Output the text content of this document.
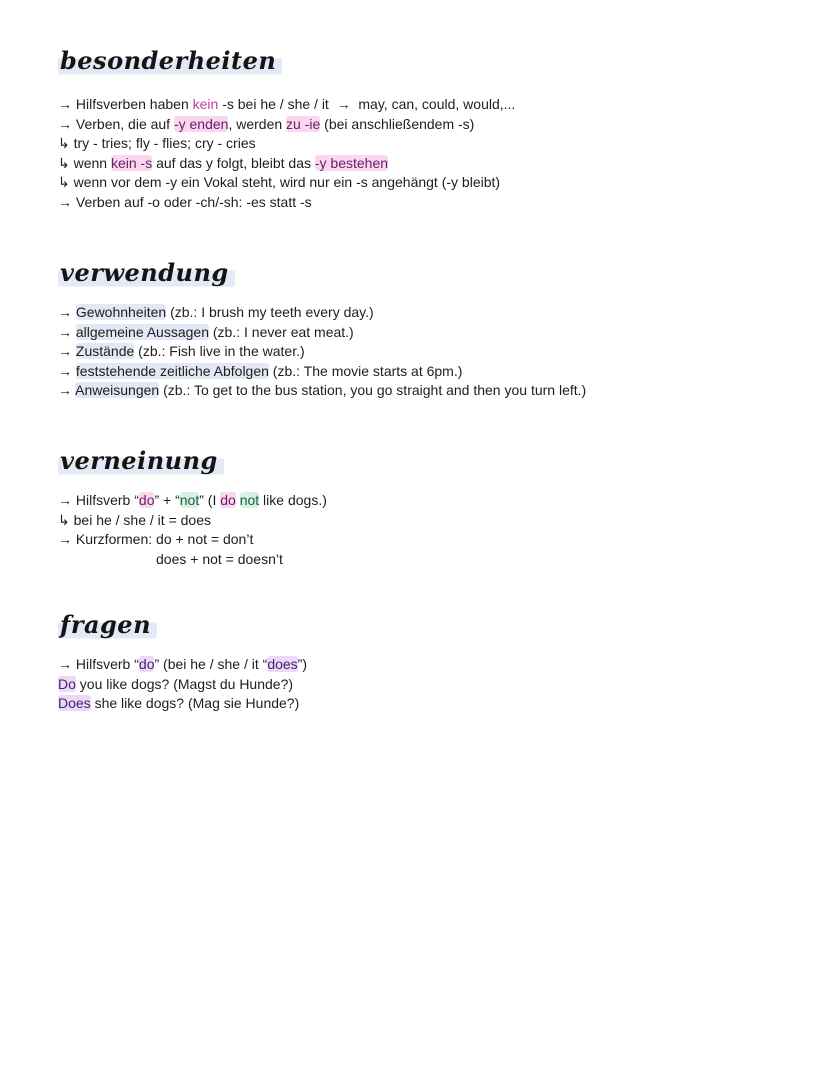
besonderheiten
→ Hilfsverben haben kein -s bei he / she / it  →  may, can, could, would,...
→ Verben, die auf -y enden, werden zu -ie (bei anschließendem -s)
↳ try - tries; fly - flies; cry - cries
↳ wenn kein -s auf das y folgt, bleibt das -y bestehen
↳ wenn vor dem -y ein Vokal steht, wird nur ein -s angehängt (-y bleibt)
→ Verben auf -o oder -ch/-sh: -es statt -s
verwendung
→ Gewohnheiten (zb.: I brush my teeth every day.)
→ allgemeine Aussagen (zb.: I never eat meat.)
→ Zustände (zb.: Fish live in the water.)
→ feststehende zeitliche Abfolgen (zb.: The movie starts at 6pm.)
→ Anweisungen (zb.: To get to the bus station, you go straight and then you turn left.)
verneinung
→ Hilfsverb “do” + “not” (I do not like dogs.)
↳ bei he / she / it = does
→ Kurzformen: do + not = don’t
does + not = doesn’t
fragen
→ Hilfsverb “do” (bei he / she / it “does”)
Do you like dogs? (Magst du Hunde?)
Does she like dogs? (Mag sie Hunde?)
